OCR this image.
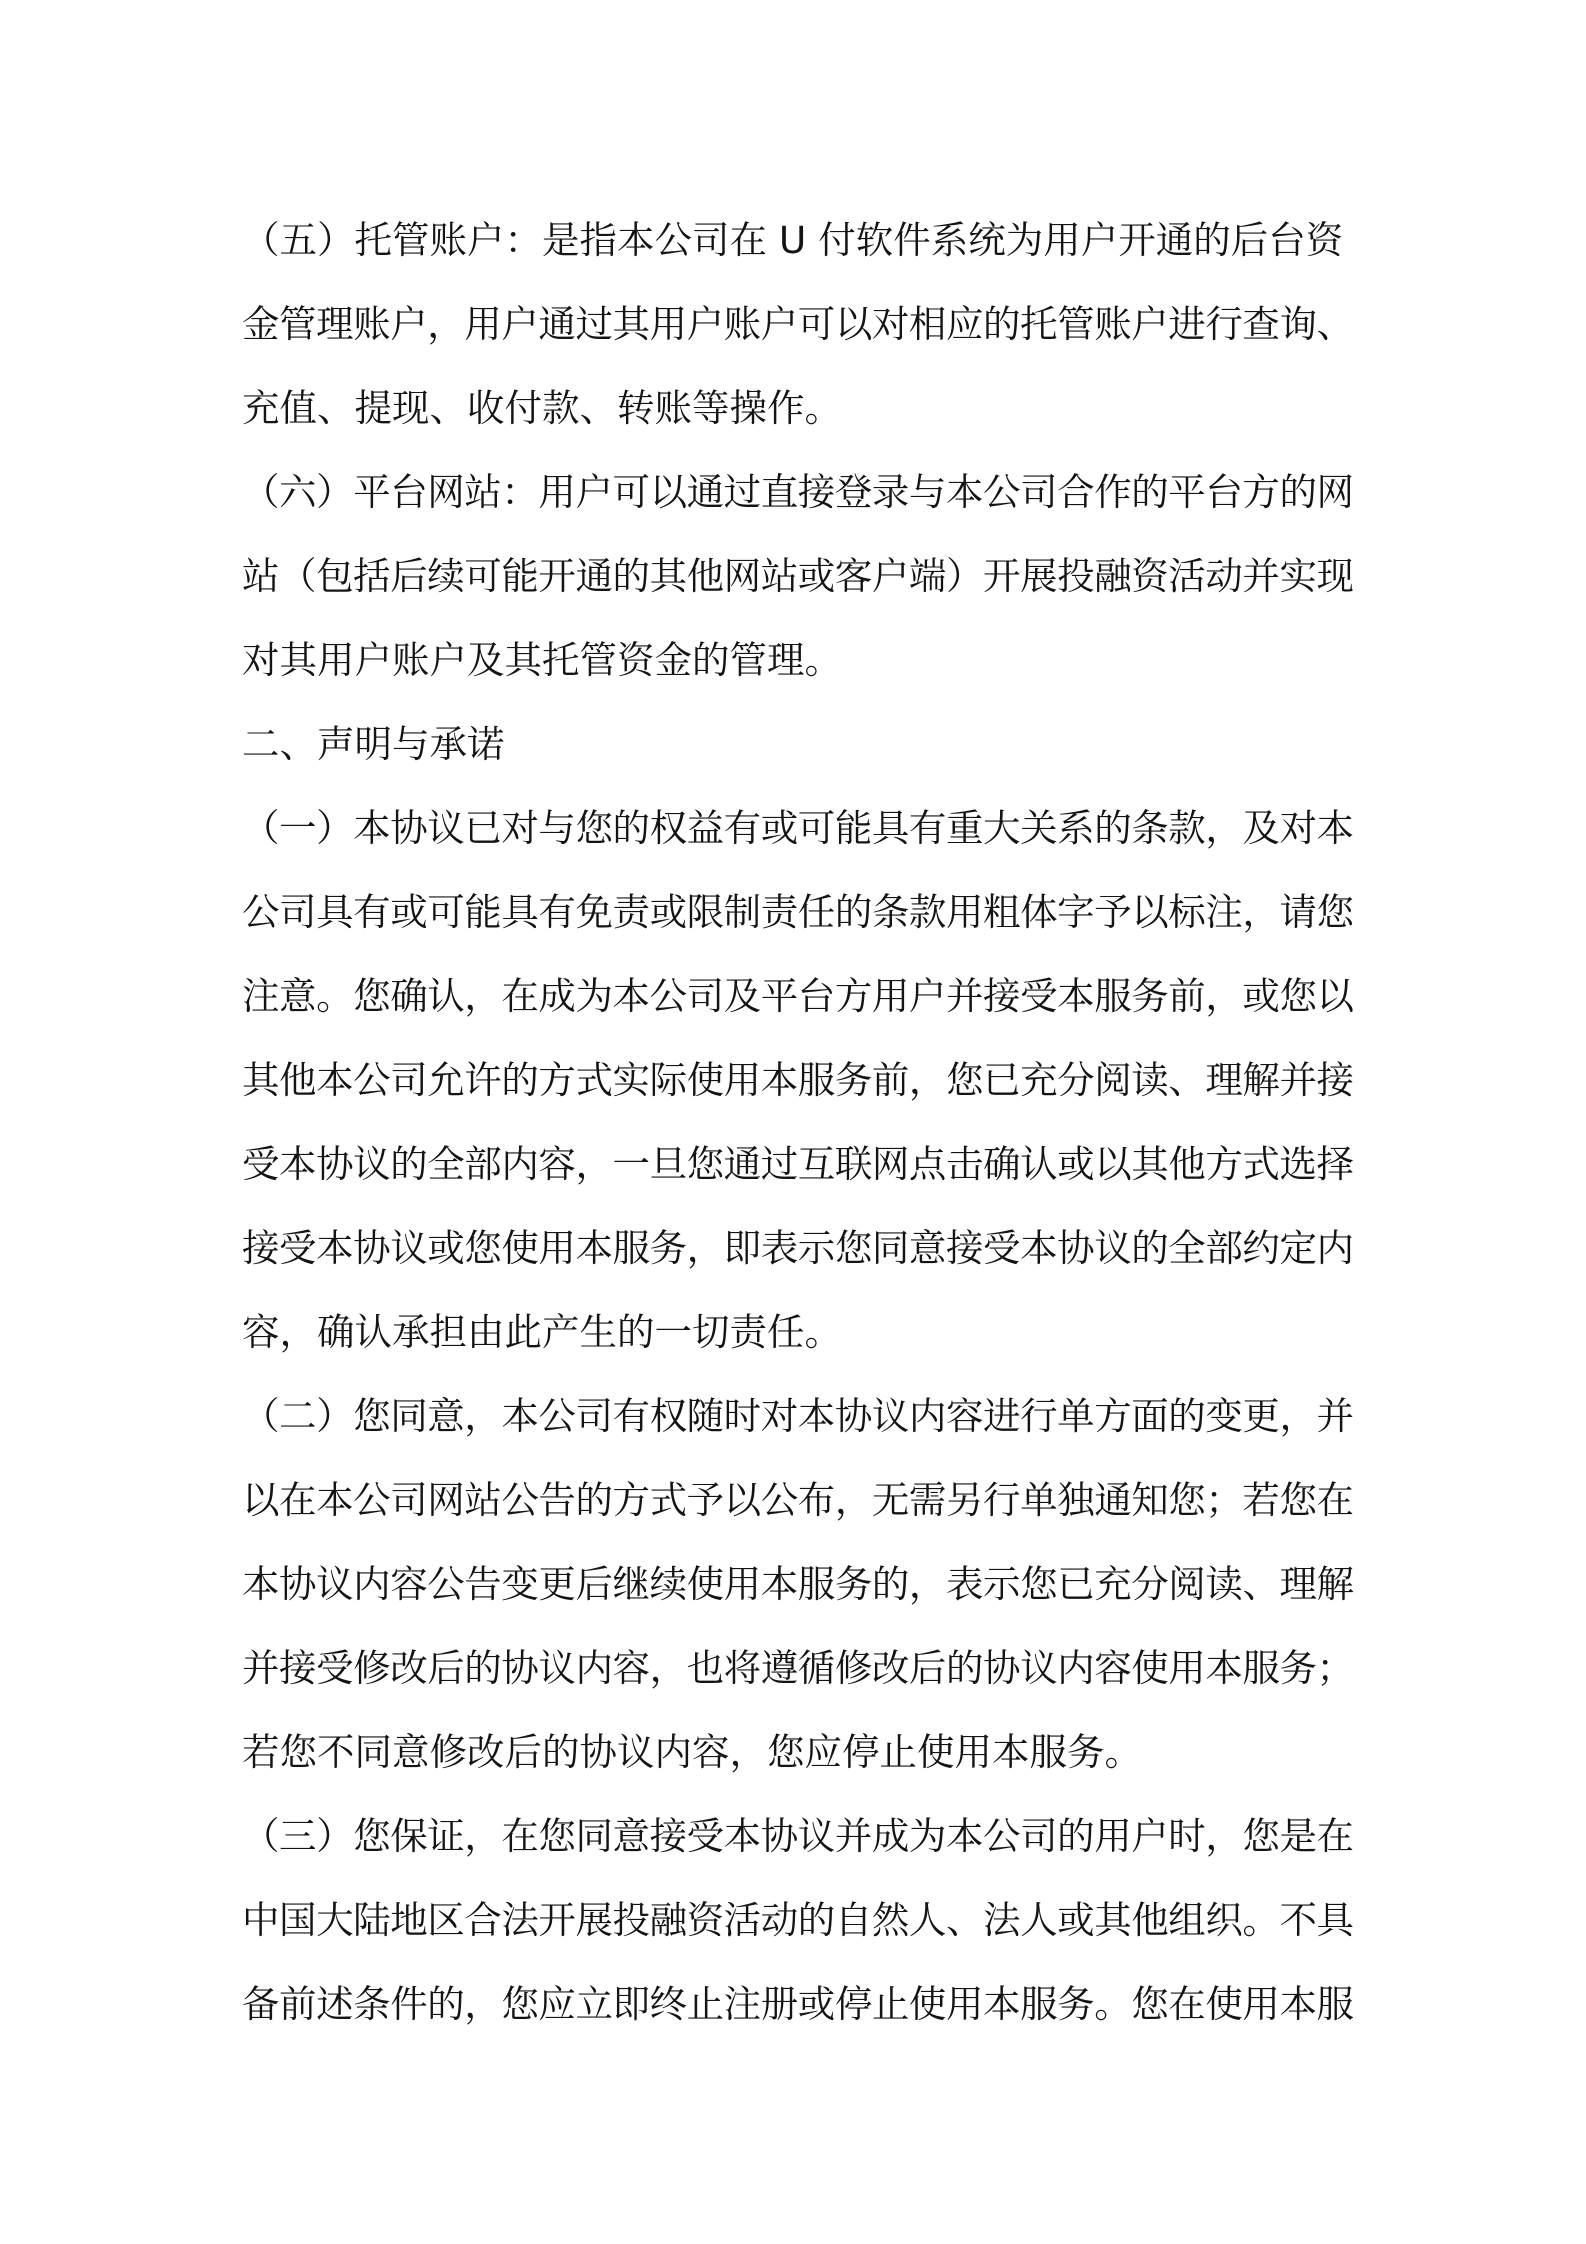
（五）托管账户：是指本公司在 U 付软件系统为用户开通的后台资
金管理账户，用户通过其用户账户可以对相应的托管账户进行查询、
充值、提现、收付款、转账等操作。
（六）平台网站：用户可以通过直接登录与本公司合作的平台方的网
站（包括后续可能开通的其他网站或客户端）开展投融资活动并实现
对其用户账户及其托管资金的管理。
二、声明与承诺
（一）本协议已对与您的权益有或可能具有重大关系的条款，及对本
公司具有或可能具有免责或限制责任的条款用粗体字予以标注，请您
注意。您确认，在成为本公司及平台方用户并接受本服务前，或您以
其他本公司允许的方式实际使用本服务前，您已充分阅读、理解并接
受本协议的全部内容，一旦您通过互联网点击确认或以其他方式选择
接受本协议或您使用本服务，即表示您同意接受本协议的全部约定内
容，确认承担由此产生的一切责任。
（二）您同意，本公司有权随时对本协议内容进行单方面的变更，并
以在本公司网站公告的方式予以公布，无需另行单独通知您；若您在
本协议内容公告变更后继续使用本服务的，表示您已充分阅读、理解
并接受修改后的协议内容，也将遵循修改后的协议内容使用本服务；
若您不同意修改后的协议内容，您应停止使用本服务。
（三）您保证，在您同意接受本协议并成为本公司的用户时，您是在
中国大陆地区合法开展投融资活动的自然人、法人或其他组织。不具
备前述条件的，您应立即终止注册或停止使用本服务。您在使用本服
